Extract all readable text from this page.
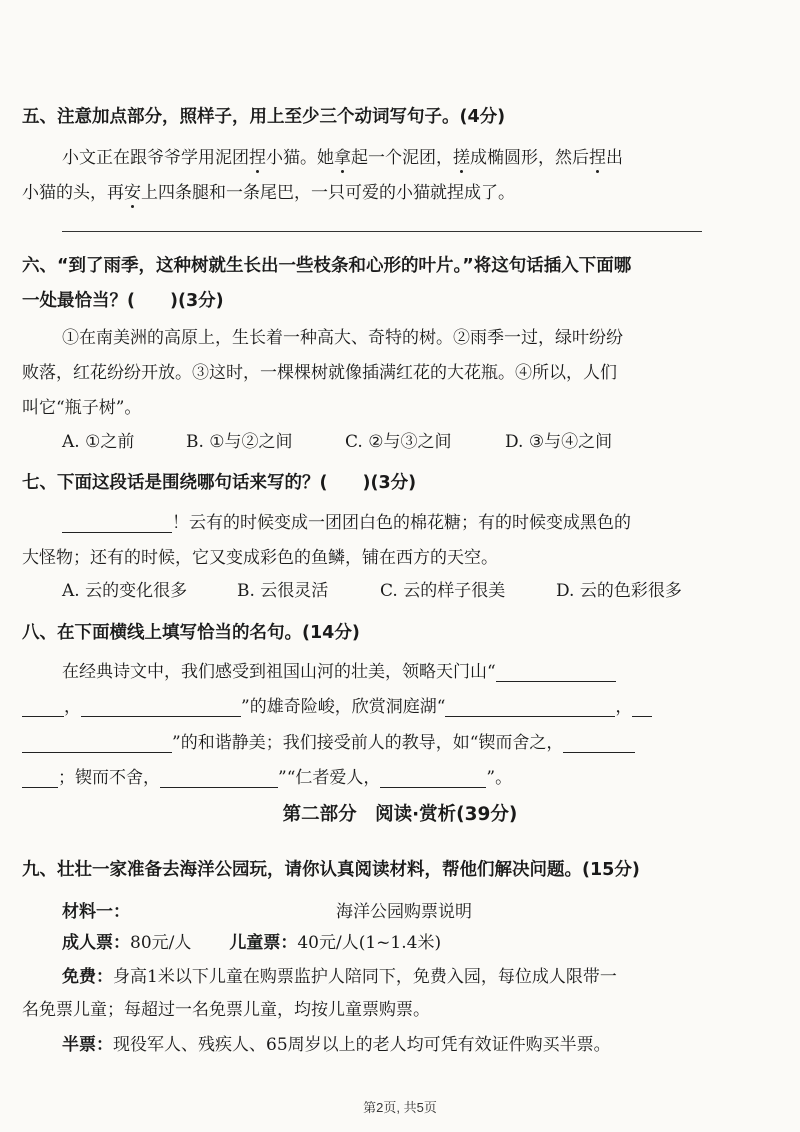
五、注意加点部分，照样子，用上至少三个动词写句子。(4分)
小文正在跟爷爷学用泥团捏小猫。她拿起一个泥团，搓成椭圆形，然后捏出
小猫的头，再安上四条腿和一条尾巴，一只可爱的小猫就捏成了。
六、“到了雨季，这种树就生长出一些枝条和心形的叶片。”将这句话插入下面哪
一处最恰当？(　　)(3分)
①在南美洲的高原上，生长着一种高大、奇特的树。②雨季一过，绿叶纷纷
败落，红花纷纷开放。③这时，一棵棵树就像插满红花的大花瓶。④所以，人们
叫它“瓶子树”。
A. ①之前	B. ①与②之间	C. ②与③之间	D. ③与④之间
七、下面这段话是围绕哪句话来写的？(　　)(3分)
！云有的时候变成一团团白色的棉花糖；有的时候变成黑色的
大怪物；还有的时候，它又变成彩色的鱼鳞，铺在西方的天空。
A. 云的变化很多	B. 云很灵活	C. 云的样子很美	D. 云的色彩很多
八、在下面横线上填写恰当的名句。(14分)
在经典诗文中，我们感受到祖国山河的壮美，领略天门山“
，	”的雄奇险峻，欣赏洞庭湖“	，
”的和谐静美；我们接受前人的教导，如“锲而舍之，
；锲而不舍，	”“仁者爱人，	”。
第二部分　阅读·赏析(39分)
九、壮壮一家准备去海洋公园玩，请你认真阅读材料，帮他们解决问题。(15分)
材料一：	海洋公园购票说明
成人票：80元/人 儿童票：40元/人(1~1.4米)
免费：身高1米以下儿童在购票监护人陪同下，免费入园，每位成人限带一
名免票儿童；每超过一名免票儿童，均按儿童票购票。
半票：现役军人、残疾人、65周岁以上的老人均可凭有效证件购买半票。
第2页, 共5页
